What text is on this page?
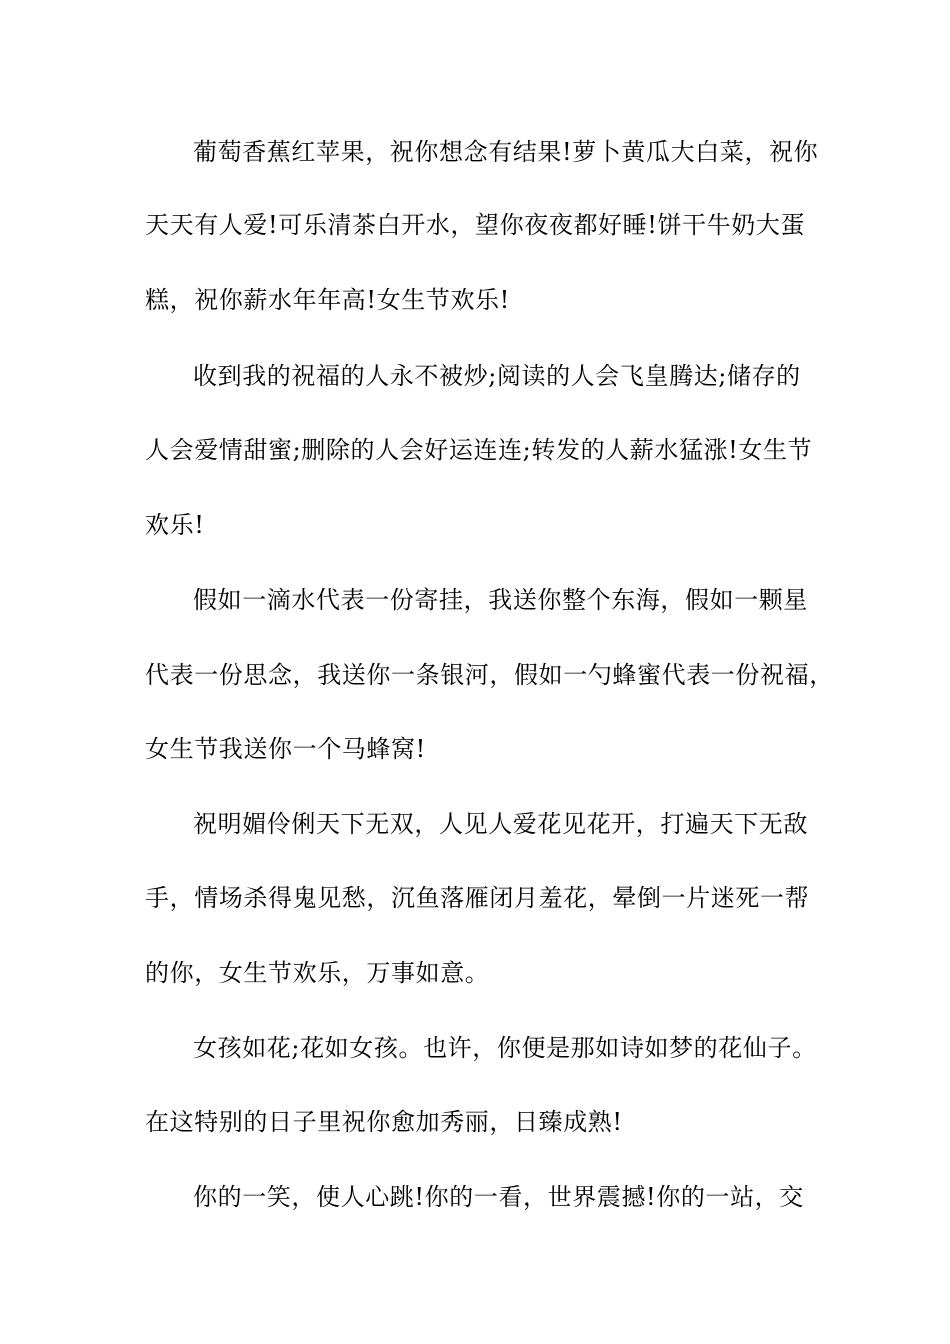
葡萄香蕉红苹果，祝你想念有结果!萝卜黄瓜大白菜，祝你
天天有人爱!可乐清茶白开水，望你夜夜都好睡!饼干牛奶大蛋
糕，祝你薪水年年高!女生节欢乐!
收到我的祝福的人永不被炒;阅读的人会飞皇腾达;储存的
人会爱情甜蜜;删除的人会好运连连;转发的人薪水猛涨!女生节
欢乐!
假如一滴水代表一份寄挂，我送你整个东海，假如一颗星
代表一份思念，我送你一条银河，假如一勺蜂蜜代表一份祝福，
女生节我送你一个马蜂窝!
祝明媚伶俐天下无双，人见人爱花见花开，打遍天下无敌
手，情场杀得鬼见愁，沉鱼落雁闭月羞花，晕倒一片迷死一帮
的你，女生节欢乐，万事如意。
女孩如花;花如女孩。也许，你便是那如诗如梦的花仙子。
在这特别的日子里祝你愈加秀丽，日臻成熟!
你的一笑，使人心跳!你的一看，世界震撼!你的一站，交
